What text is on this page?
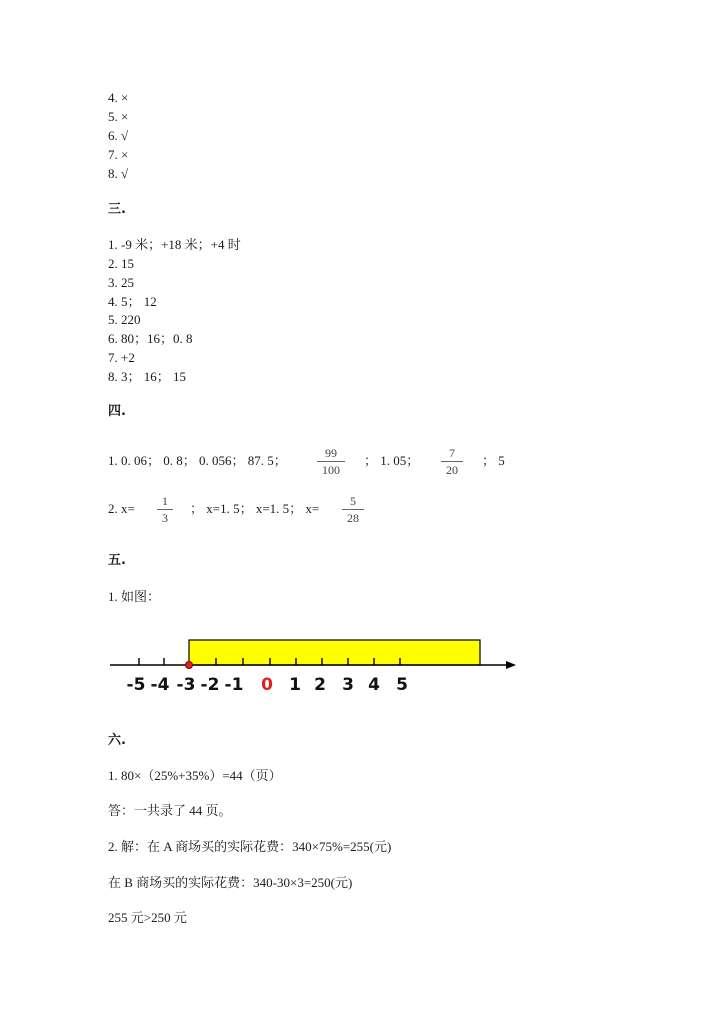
4. ×
5. ×
6. √
7. ×
8. √
三.
1. -9 米；+18 米；+4 时
2. 15
3. 25
4. 5； 12
5. 220
6. 80；16；0. 8
7. +2
8. 3； 16； 15
四.
1. 0. 06； 0. 8； 0. 056； 87. 5；	99
100
； 1. 05；	7
20
； 5
2. x=	1
3
； x=1. 5； x=1. 5； x=	5
28
五.
1. 如图：
-5 -4 -3 -2 -1 0 1 2 3 4 5
六.
1. 80×（25%+35%）=44（页）
答：一共录了 44 页。
2. 解：在 A 商场买的实际花费：340×75%=255(元)
在 B 商场买的实际花费：340-30×3=250(元)
255 元>250 元
